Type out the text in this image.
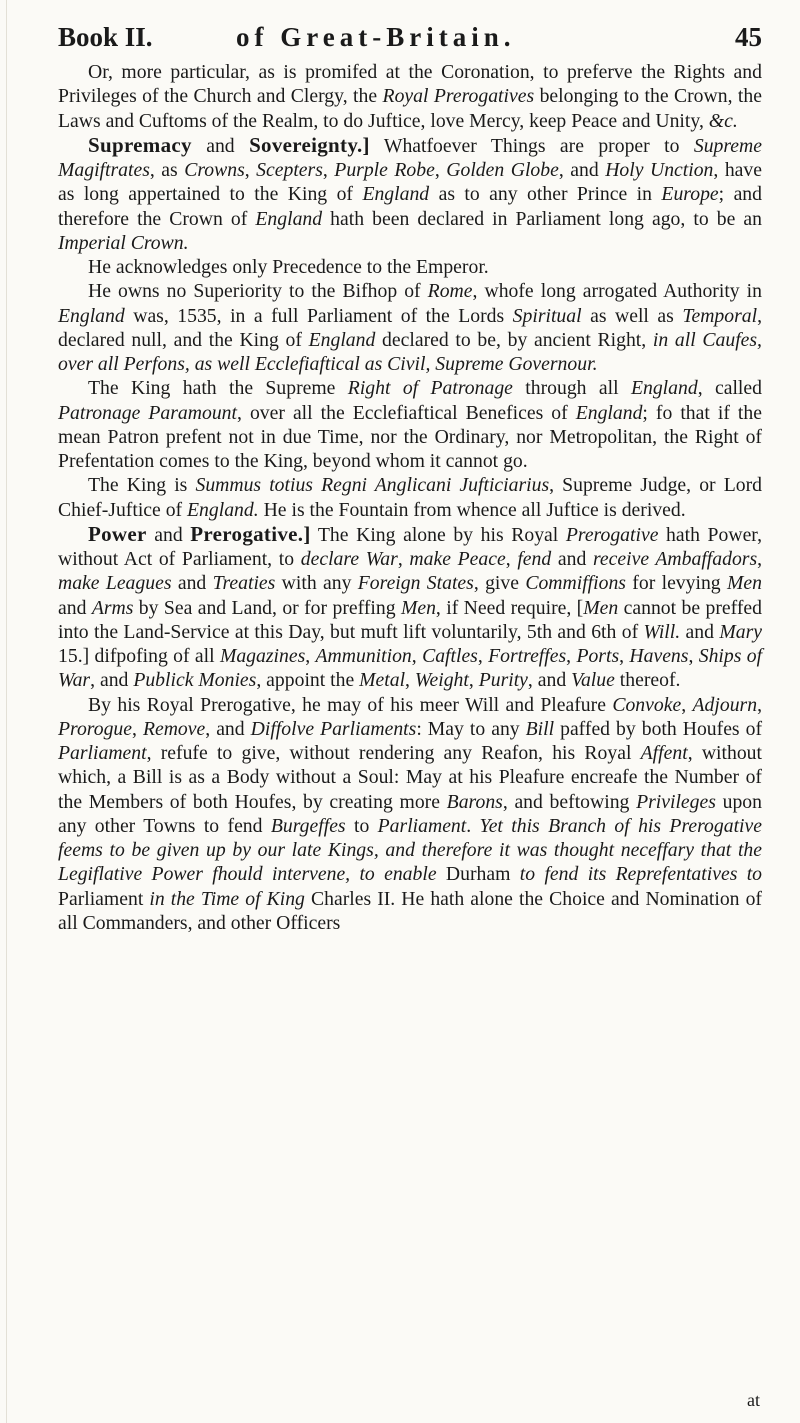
Book II.	of Great-Britain.	45

Or, more particular, as is promifed at the Coronation, to preferve the Rights and Privileges of the Church and Clergy, the Royal Prerogatives belonging to the Crown, the Laws and Cuftoms of the Realm, to do Juftice, love Mercy, keep Peace and Unity, &c.

Supremacy and Sovereignty.] Whatfoever Things are proper to Supreme Magiftrates, as Crowns, Scepters, Purple Robe, Golden Globe, and Holy Unction, have as long appertained to the King of England as to any other Prince in Europe; and therefore the Crown of England hath been declared in Parliament long ago, to be an Imperial Crown.

He acknowledges only Precedence to the Emperor.

He owns no Superiority to the Bifhop of Rome, whofe long arrogated Authority in England was, 1535, in a full Parliament of the Lords Spiritual as well as Temporal, declared null, and the King of England declared to be, by ancient Right, in all Caufes, over all Perfons, as well Ecclefiaftical as Civil, Supreme Governour.

The King hath the Supreme Right of Patronage through all England, called Patronage Paramount, over all the Ecclefiaftical Benefices of England; fo that if the mean Patron prefent not in due Time, nor the Ordinary, nor Metropolitan, the Right of Prefentation comes to the King, beyond whom it cannot go.

The King is Summus totius Regni Anglicani Jufticiarius, Supreme Judge, or Lord Chief-Juftice of England. He is the Fountain from whence all Juftice is derived.

Power and Prerogative.] The King alone by his Royal Prerogative hath Power, without Act of Parliament, to declare War, make Peace, fend and receive Ambaffadors, make Leagues and Treaties with any Foreign States, give Commiffions for levying Men and Arms by Sea and Land, or for preffing Men, if Need require, [Men cannot be preffed into the Land-Service at this Day, but muft lift voluntarily, 5th and 6th of Will. and Mary 15.] difpofing of all Magazines, Ammunition, Caftles, Fortreffes, Ports, Havens, Ships of War, and Publick Monies, appoint the Metal, Weight, Purity, and Value thereof.

By his Royal Prerogative, he may of his meer Will and Pleafure Convoke, Adjourn, Prorogue, Remove, and Diffolve Parliaments: May to any Bill paffed by both Houfes of Parliament, refufe to give, without rendering any Reafon, his Royal Affent, without which, a Bill is as a Body without a Soul: May at his Pleafure encreafe the Number of the Members of both Houfes, by creating more Barons, and beftowing Privileges upon any other Towns to fend Burgeffes to Parliament. Yet this Branch of his Prerogative feems to be given up by our late Kings, and therefore it was thought neceffary that the Legiflative Power fhould intervene, to enable Durham to fend its Reprefentatives to Parliament in the Time of King Charles II. He hath alone the Choice and Nomination of all Commanders, and other Officers

at
